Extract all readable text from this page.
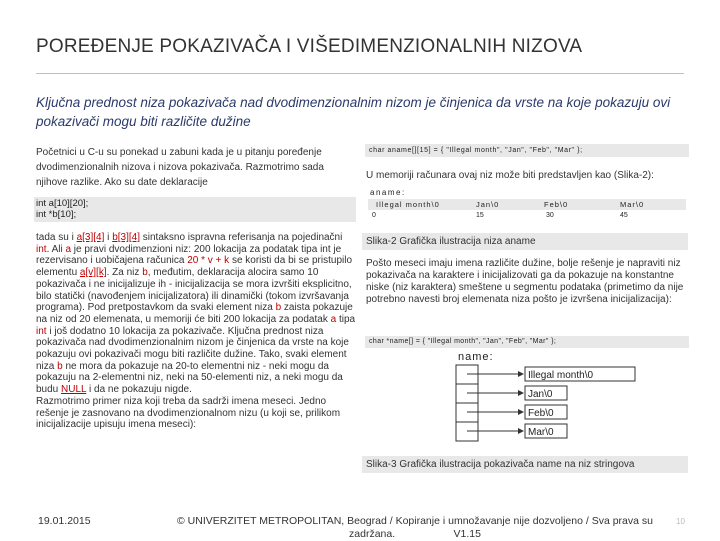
POREĐENJE POKAZIVAČA I VIŠEDIMENZIONALNIH NIZOVA
Ključna prednost niza pokazivača nad dvodimenzionalnim nizom je činjenica da vrste na koje pokazuju ovi pokazivači mogu biti različite dužine
Početnici u C-u su ponekad u zabuni kada je u pitanju poređenje dvodimenzionalnih nizova i nizova pokazivača. Razmotrimo sada njihove razlike. Ako su date deklaracije
int a[10][20];
int *b[10];
tada su i a[3][4] i b[3][4] sintaksno ispravna referisanja na pojedinačni int. Ali a je pravi dvodimenzioni niz: 200 lokacija za podatak tipa int je rezervisano i uobičajena računica 20 * v + k se koristi da bi se pristupilo elementu a[v][k]. Za niz b, međutim, deklaracija alocira samo 10 pokazivača i ne inicijalizuje ih - inicijalizacija se mora izvršiti eksplicitno, bilo statički (navođenjem inicijalizatora) ili dinamički (tokom izvršavanja programa). Pod pretpostavkom da svaki element niza b zaista pokazuje na niz od 20 elemenata, u memoriji će biti 200 lokacija za podatak a tipa int i još dodatno 10 lokacija za pokazivače. Ključna prednost niza pokazivača nad dvodimenzionalnim nizom je činjenica da vrste na koje pokazuju ovi pokazivači mogu biti različite dužine. Tako, svaki element niza b ne mora da pokazuje na 20-to elementni niz - neki mogu da pokazuju na 2-elementni niz, neki na 50-elementi niz, a neki mogu da budu NULL i da ne pokazuju nigde.
Razmotrimo primer niza koji treba da sadrži imena meseci. Jedno rešenje je zasnovano na dvodimenzionalnom nizu (u koji se, prilikom inicijalizacije upisuju imena meseci):
char aname[][15] = { "Illegal month", "Jan", "Feb", "Mar" };
U memoriji računara ovaj niz može biti predstavljen kao (Slika-2):
aname:
Illegal month\0	Jan\0	Feb\0	Mar\0
0	15	30	45
Slika-2 Grafička ilustracija niza aname
Pošto meseci imaju imena različite dužine, bolje rešenje je napraviti niz pokazivača na karaktere i inicijalizovati ga da pokazuje na konstantne niske (niz karaktera) smeštene u segmentu podataka (primetimo da nije potrebno navesti broj elemenata niza pošto je izvršena inicijalizacija):
char *name[] = { "Illegal month", "Jan", "Feb", "Mar" };
name:
Illegal month\0
Jan\0
Feb\0
Mar\0
Slika-3 Grafička ilustracija pokazivača name na niz stringova
19.01.2015	© UNIVERZITET METROPOLITAN, Beograd / Kopiranje i umnožavanje nije dozvoljeno / Sva prava su
zadržana.                    V1.15
10
